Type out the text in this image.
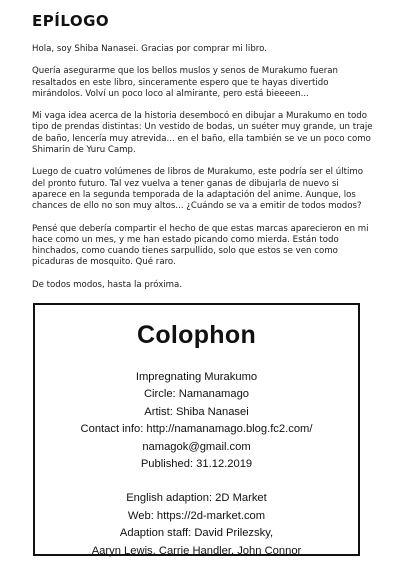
EPÍLOGO

Hola, soy Shiba Nanasei. Gracias por comprar mi libro.

Quería asegurarme que los bellos muslos y senos de Murakumo fueran resaltados en este libro, sinceramente espero que te hayas divertido mirándolos. Volví un poco loco al almirante, pero está bieeeen...

Mi vaga idea acerca de la historia desembocó en dibujar a Murakumo en todo tipo de prendas distintas: Un vestido de bodas, un suéter muy grande, un traje de baño, lencería muy atrevida... en el baño, ella también se ve un poco como Shimarin de Yuru Camp.

Luego de cuatro volúmenes de libros de Murakumo, este podría ser el último del pronto futuro. Tal vez vuelva a tener ganas de dibujarla de nuevo si aparece en la segunda temporada de la adaptación del anime. Aunque, los chances de ello no son muy altos... ¿Cuándo se va a emitir de todos modos?

Pensé que debería compartir el hecho de que estas marcas aparecieron en mi hace como un mes, y me han estado picando como mierda. Están todo hinchados, como cuando tienes sarpullido, solo que estos se ven como picaduras de mosquito. Qué raro.

De todos modos, hasta la próxima.

Colophon
Impregnating Murakumo
Circle: Namanamago
Artist: Shiba Nanasei
Contact info: http://namanamago.blog.fc2.com/
namagok@gmail.com
Published: 31.12.2019
English adaption: 2D Market
Web: https://2d-market.com
Adaption staff: David Prilezsky,
Aaryn Lewis, Carrie Handler, John Connor
